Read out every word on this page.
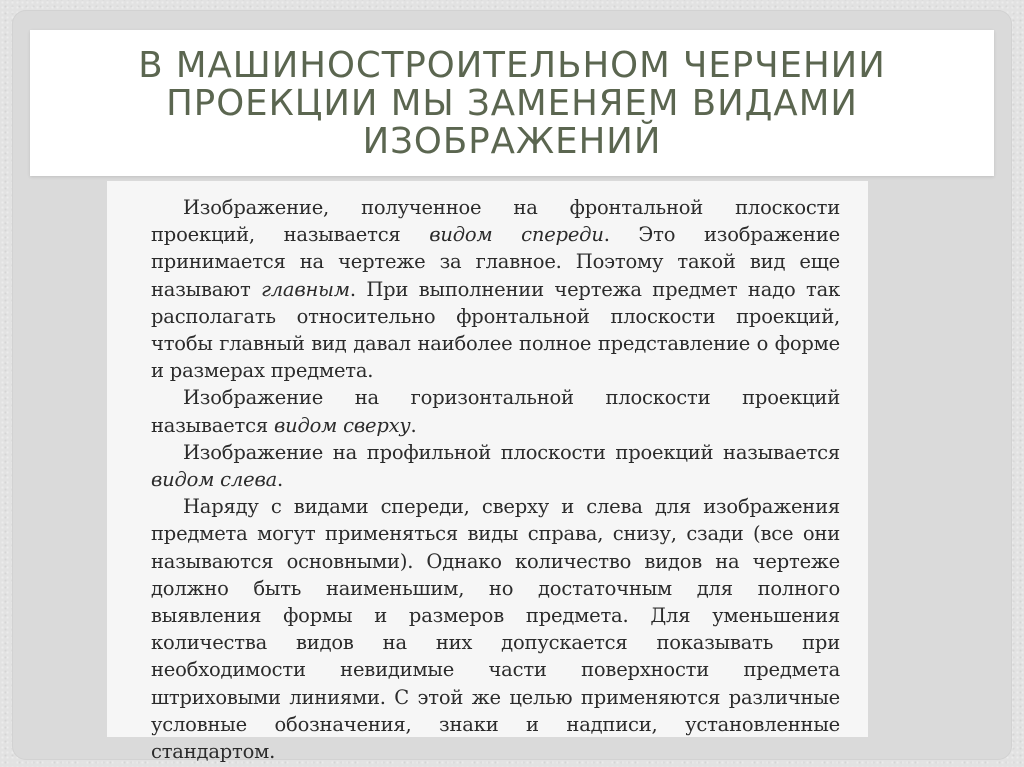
В МАШИНОСТРОИТЕЛЬНОМ ЧЕРЧЕНИИ ПРОЕКЦИИ МЫ ЗАМЕНЯЕМ ВИДАМИ ИЗОБРАЖЕНИЙ

Изображение, полученное на фронтальной плоскости проекций, называется видом спереди. Это изображение принимается на чертеже за главное. Поэтому такой вид еще называют главным. При выполнении чертежа предмет надо так располагать относительно фронтальной плоскости проекций, чтобы главный вид давал наиболее полное представление о форме и размерах предмета.

Изображение на горизонтальной плоскости проекций называется видом сверху.

Изображение на профильной плоскости проекций называется видом слева.

Наряду с видами спереди, сверху и слева для изображения предмета могут применяться виды справа, снизу, сзади (все они называются основными). Однако количество видов на чертеже должно быть наименьшим, но достаточным для полного выявления формы и размеров предмета. Для уменьшения количества видов на них допускается показывать при необходимости невидимые части поверхности предмета штриховыми линиями. С этой же целью применяются различные условные обозначения, знаки и надписи, установленные стандартом.
